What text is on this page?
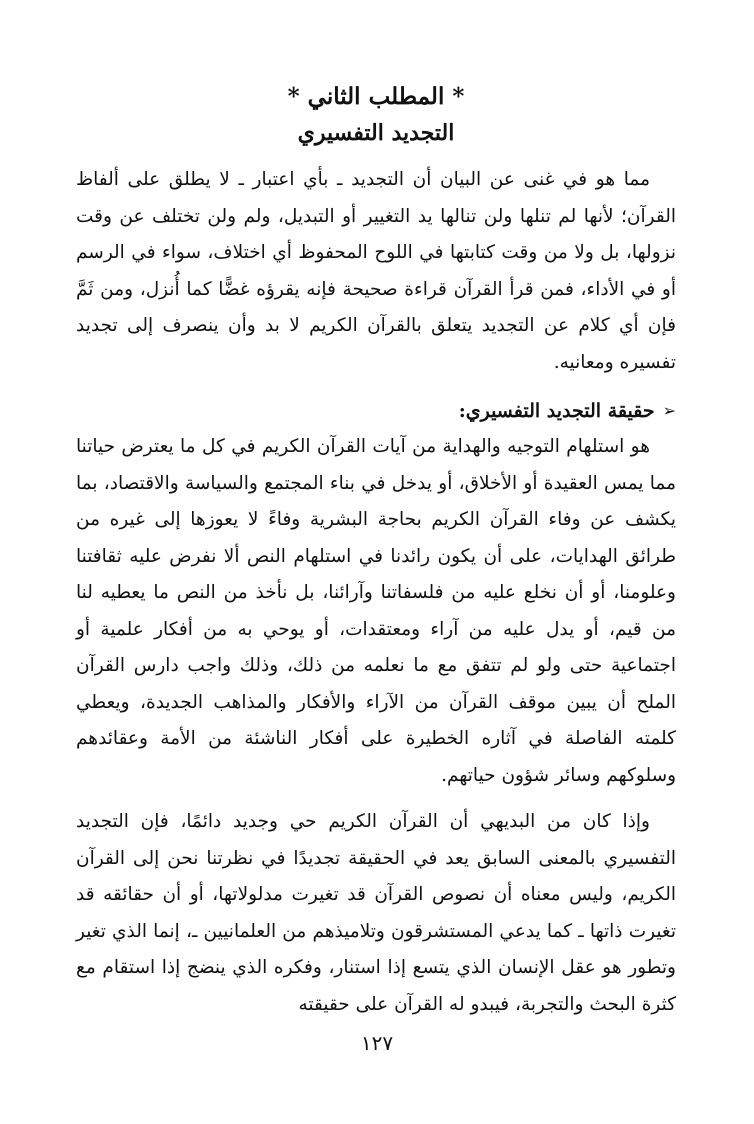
* المطلب الثاني *
التجديد التفسيري

مما هو في غنى عن البيان أن التجديد ـ بأي اعتبار ـ لا يطلق على ألفاظ القرآن؛ لأنها لم تنلها ولن تنالها يد التغيير أو التبديل، ولم ولن تختلف عن وقت نزولها، بل ولا من وقت كتابتها في اللوح المحفوظ أي اختلاف، سواء في الرسم أو في الأداء، فمن قرأ القرآن قراءة صحيحة فإنه يقرؤه غضًّا كما أُنزل، ومن ثَمَّ فإن أي كلام عن التجديد يتعلق بالقرآن الكريم لا بد وأن ينصرف إلى تجديد تفسيره ومعانيه.

➢
حقيقة التجديد التفسيري:

هو استلهام التوجيه والهداية من آيات القرآن الكريم في كل ما يعترض حياتنا مما يمس العقيدة أو الأخلاق، أو يدخل في بناء المجتمع والسياسة والاقتصاد، بما يكشف عن وفاء القرآن الكريم بحاجة البشرية وفاءً لا يعوزها إلى غيره من طرائق الهدايات، على أن يكون رائدنا في استلهام النص ألا نفرض عليه ثقافتنا وعلومنا، أو أن نخلع عليه من فلسفاتنا وآرائنا، بل نأخذ من النص ما يعطيه لنا من قيم، أو يدل عليه من آراء ومعتقدات، أو يوحي به من أفكار علمية أو اجتماعية حتى ولو لم تتفق مع ما نعلمه من ذلك، وذلك واجب دارس القرآن الملح أن يبين موقف القرآن من الآراء والأفكار والمذاهب الجديدة، ويعطي كلمته الفاصلة في آثاره الخطيرة على أفكار الناشئة من الأمة وعقائدهم وسلوكهم وسائر شؤون حياتهم.

وإذا كان من البديهي أن القرآن الكريم حي وجديد دائمًا، فإن التجديد التفسيري بالمعنى السابق يعد في الحقيقة تجديدًا في نظرتنا نحن إلى القرآن الكريم، وليس معناه أن نصوص القرآن قد تغيرت مدلولاتها، أو أن حقائقه قد تغيرت ذاتها ـ كما يدعي المستشرقون وتلاميذهم من العلمانيين ـ، إنما الذي تغير وتطور هو عقل الإنسان الذي يتسع إذا استنار، وفكره الذي ينضج إذا استقام مع كثرة البحث والتجربة، فيبدو له القرآن على حقيقته

١٢٧
